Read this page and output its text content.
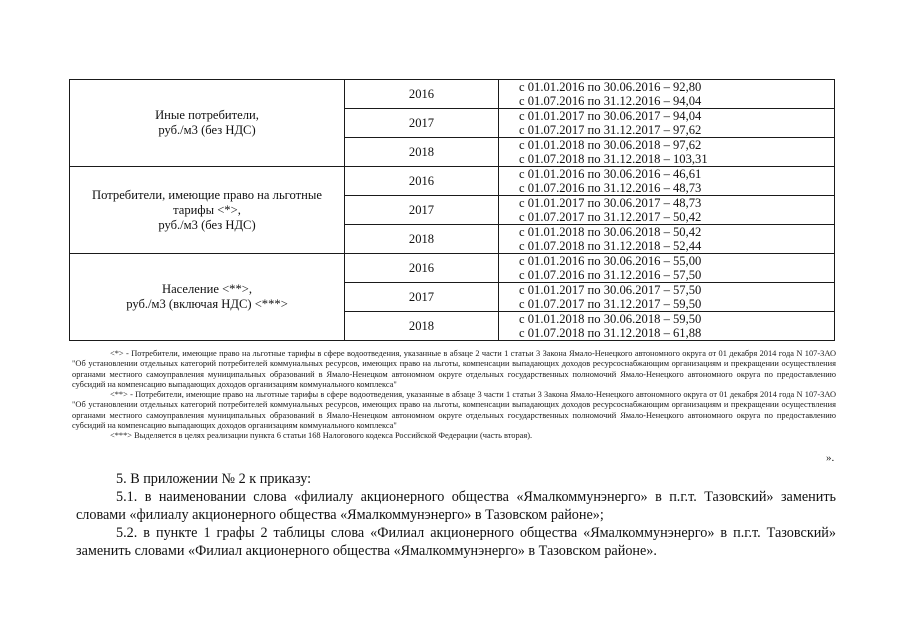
Иные потребители,
руб./м3 (без НДС)	2016	с 01.01.2016 по 30.06.2016 – 92,80
с 01.07.2016 по 31.12.2016 – 94,04

	2017	с 01.01.2017 по 30.06.2017 – 94,04
с 01.07.2017 по 31.12.2017 – 97,62

	2018	с 01.01.2018 по 30.06.2018 – 97,62
с 01.07.2018 по 31.12.2018 – 103,31

Потребители, имеющие право на льготные
тарифы <*>,
руб./м3 (без НДС)	2016	с 01.01.2016 по 30.06.2016 – 46,61
с 01.07.2016 по 31.12.2016 – 48,73

	2017	с 01.01.2017 по 30.06.2017 – 48,73
с 01.07.2017 по 31.12.2017 – 50,42

	2018	с 01.01.2018 по 30.06.2018 – 50,42
с 01.07.2018 по 31.12.2018 – 52,44

Население <**>,
руб./м3 (включая НДС) <***>	2016	с 01.01.2016 по 30.06.2016 – 55,00
с 01.07.2016 по 31.12.2016 – 57,50

	2017	с 01.01.2017 по 30.06.2017 – 57,50
с 01.07.2017 по 31.12.2017 – 59,50

	2018	с 01.01.2018 по 30.06.2018 – 59,50
с 01.07.2018 по 31.12.2018 – 61,88

<*> - Потребители, имеющие право на льготные тарифы в сфере водоотведения, указанные в абзаце 2 части 1 статьи 3 Закона Ямало-Ненецкого автономного округа от 01 декабря 2014 года N 107-ЗАО "Об установлении отдельных категорий потребителей коммунальных ресурсов, имеющих право на льготы, компенсации выпадающих доходов ресурсоснабжающим организациям и прекращении осуществления органами местного самоуправления муниципальных образований в Ямало-Ненецком автономном округе отдельных государственных полномочий Ямало-Ненецкого автономного округа по предоставлению субсидий на компенсацию выпадающих доходов организациям коммунального комплекса"

<**> - Потребители, имеющие право на льготные тарифы в сфере водоотведения, указанные в абзаце 3 части 1 статьи 3 Закона Ямало-Ненецкого автономного округа от 01 декабря 2014 года N 107-ЗАО "Об установлении отдельных категорий потребителей коммунальных ресурсов, имеющих право на льготы, компенсации выпадающих доходов ресурсоснабжающим организациям и прекращении осуществления органами местного самоуправления муниципальных образований в Ямало-Ненецком автономном округе отдельных государственных полномочий Ямало-Ненецкого автономного округа по предоставлению субсидий на компенсацию выпадающих доходов организациям коммунального комплекса"

<***> Выделяется в целях реализации пункта 6 статьи 168 Налогового кодекса Российской Федерации (часть вторая).

».

5. В приложении № 2 к приказу:

5.1. в наименовании слова «филиалу акционерного общества «Ямалкоммунэнерго» в п.г.т. Тазовский» заменить словами «филиалу акционерного общества «Ямалкоммунэнерго» в Тазовском районе»;

5.2. в пункте 1 графы 2 таблицы слова «Филиал акционерного общества «Ямалкоммунэнерго» в п.г.т. Тазовский» заменить словами «Филиал акционерного общества «Ямалкоммунэнерго» в Тазовском районе».
